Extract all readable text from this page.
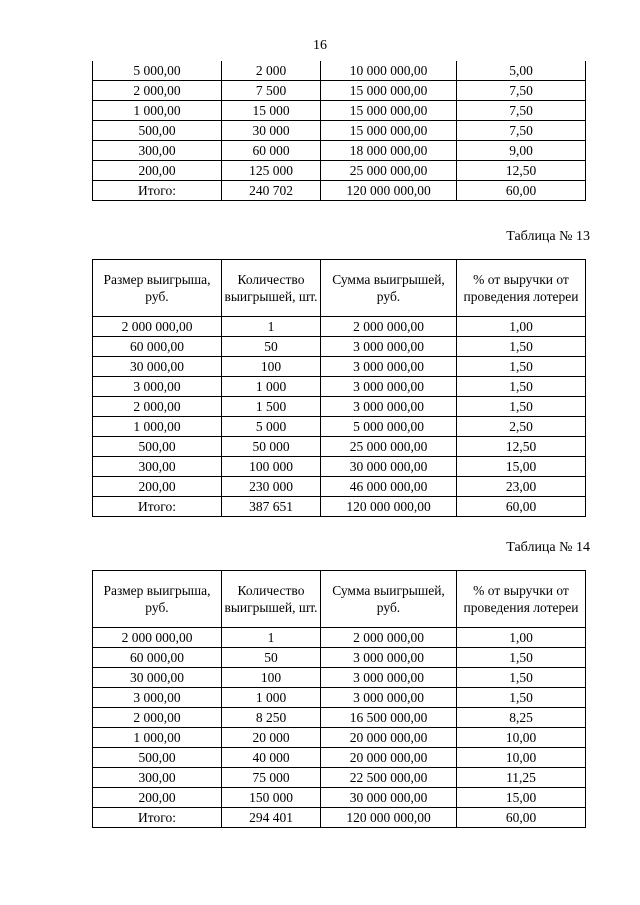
16
5 000,00	2 000	10 000 000,00	5,00
2 000,00	7 500	15 000 000,00	7,50
1 000,00	15 000	15 000 000,00	7,50
500,00	30 000	15 000 000,00	7,50
300,00	60 000	18 000 000,00	9,00
200,00	125 000	25 000 000,00	12,50
Итого:	240 702	120 000 000,00	60,00
Таблица № 13
Размер выигрыша, руб.	Количество выигрышей, шт.	Сумма выигрышей, руб.	% от выручки от проведения лотереи
2 000 000,00	1	2 000 000,00	1,00
60 000,00	50	3 000 000,00	1,50
30 000,00	100	3 000 000,00	1,50
3 000,00	1 000	3 000 000,00	1,50
2 000,00	1 500	3 000 000,00	1,50
1 000,00	5 000	5 000 000,00	2,50
500,00	50 000	25 000 000,00	12,50
300,00	100 000	30 000 000,00	15,00
200,00	230 000	46 000 000,00	23,00
Итого:	387 651	120 000 000,00	60,00
Таблица № 14
Размер выигрыша, руб.	Количество выигрышей, шт.	Сумма выигрышей, руб.	% от выручки от проведения лотереи
2 000 000,00	1	2 000 000,00	1,00
60 000,00	50	3 000 000,00	1,50
30 000,00	100	3 000 000,00	1,50
3 000,00	1 000	3 000 000,00	1,50
2 000,00	8 250	16 500 000,00	8,25
1 000,00	20 000	20 000 000,00	10,00
500,00	40 000	20 000 000,00	10,00
300,00	75 000	22 500 000,00	11,25
200,00	150 000	30 000 000,00	15,00
Итого:	294 401	120 000 000,00	60,00
